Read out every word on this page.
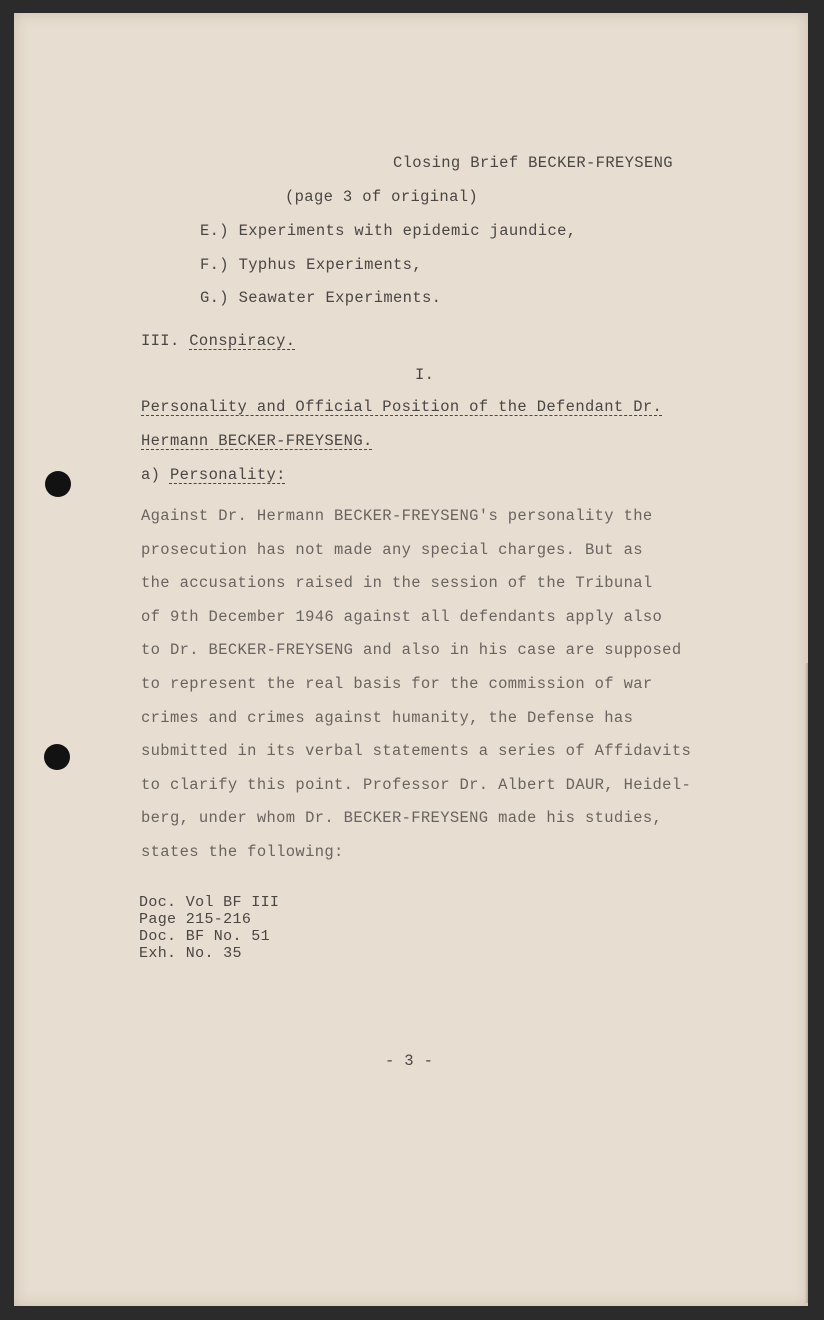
Closing Brief BECKER-FREYSENG
(page 3 of original)
E.) Experiments with epidemic jaundice,
F.) Typhus Experiments,
G.) Seawater Experiments.
III. Conspiracy.
I.
Personality and Official Position of the Defendant Dr.
Hermann BECKER-FREYSENG.
a) Personality:
Against Dr. Hermann BECKER-FREYSENG's personality the
prosecution has not made any special charges. But as
the accusations raised in the session of the Tribunal
of 9th December 1946 against all defendants apply also
to Dr. BECKER-FREYSENG and also in his case are supposed
to represent the real basis for the commission of war
crimes and crimes against humanity, the Defense has
submitted in its verbal statements a series of Affidavits
to clarify this point. Professor Dr. Albert DAUR, Heidel-
berg, under whom Dr. BECKER-FREYSENG made his studies,
states the following:
Doc. Vol BF III
Page 215-216
Doc. BF No. 51
Exh. No. 35
- 3 -
